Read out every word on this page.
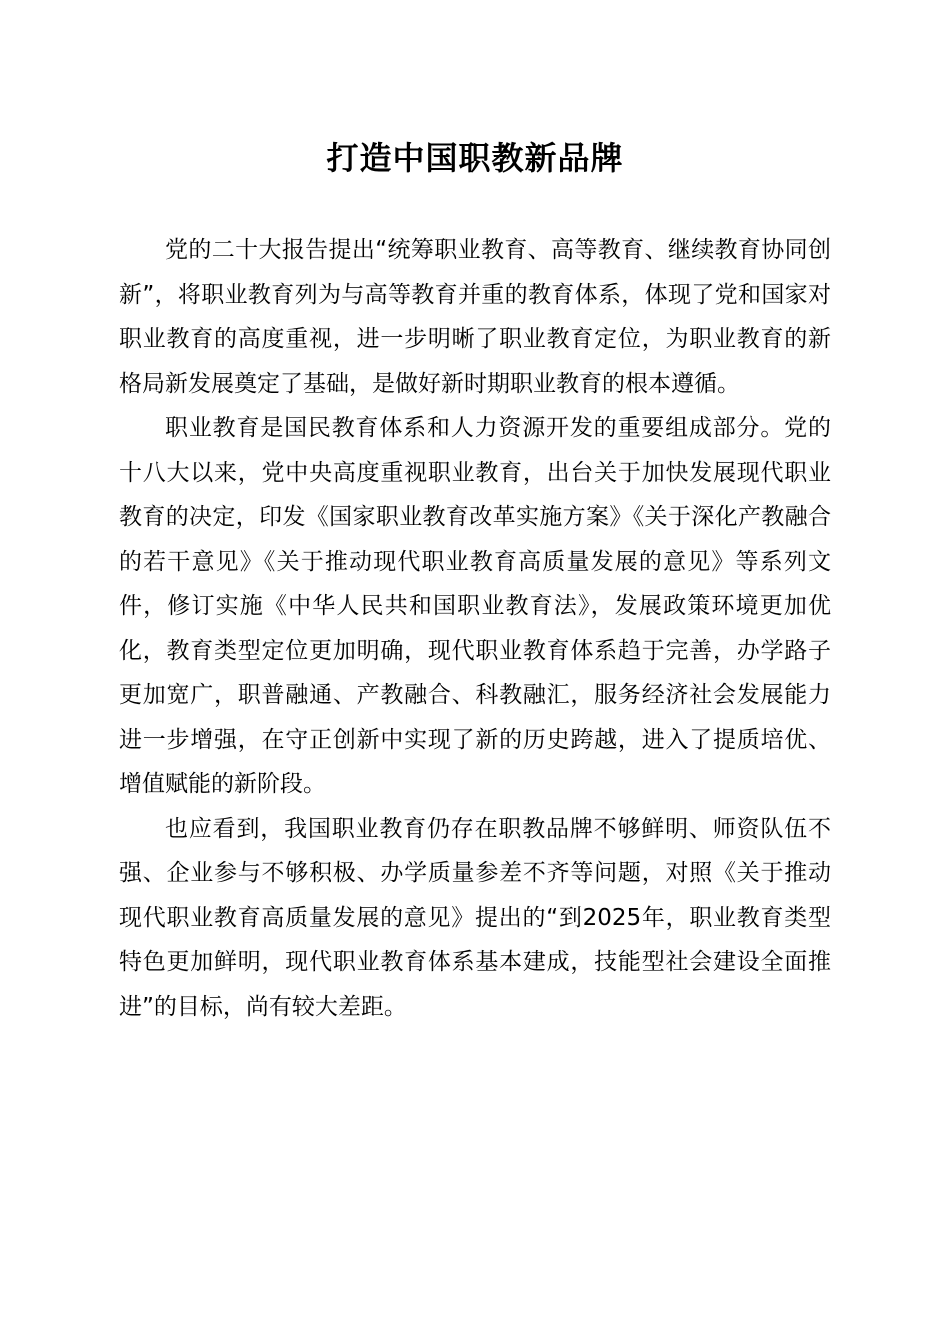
打造中国职教新品牌

党的二十大报告提出“统筹职业教育、高等教育、继续教育协同创新”，将职业教育列为与高等教育并重的教育体系，体现了党和国家对职业教育的高度重视，进一步明晰了职业教育定位，为职业教育的新格局新发展奠定了基础，是做好新时期职业教育的根本遵循。

职业教育是国民教育体系和人力资源开发的重要组成部分。党的十八大以来，党中央高度重视职业教育，出台关于加快发展现代职业教育的决定，印发《国家职业教育改革实施方案》《关于深化产教融合的若干意见》《关于推动现代职业教育高质量发展的意见》等系列文件，修订实施《中华人民共和国职业教育法》，发展政策环境更加优化，教育类型定位更加明确，现代职业教育体系趋于完善，办学路子更加宽广，职普融通、产教融合、科教融汇，服务经济社会发展能力进一步增强，在守正创新中实现了新的历史跨越，进入了提质培优、增值赋能的新阶段。

也应看到，我国职业教育仍存在职教品牌不够鲜明、师资队伍不强、企业参与不够积极、办学质量参差不齐等问题，对照《关于推动现代职业教育高质量发展的意见》提出的“到2025年，职业教育类型特色更加鲜明，现代职业教育体系基本建成，技能型社会建设全面推进”的目标，尚有较大差距。
